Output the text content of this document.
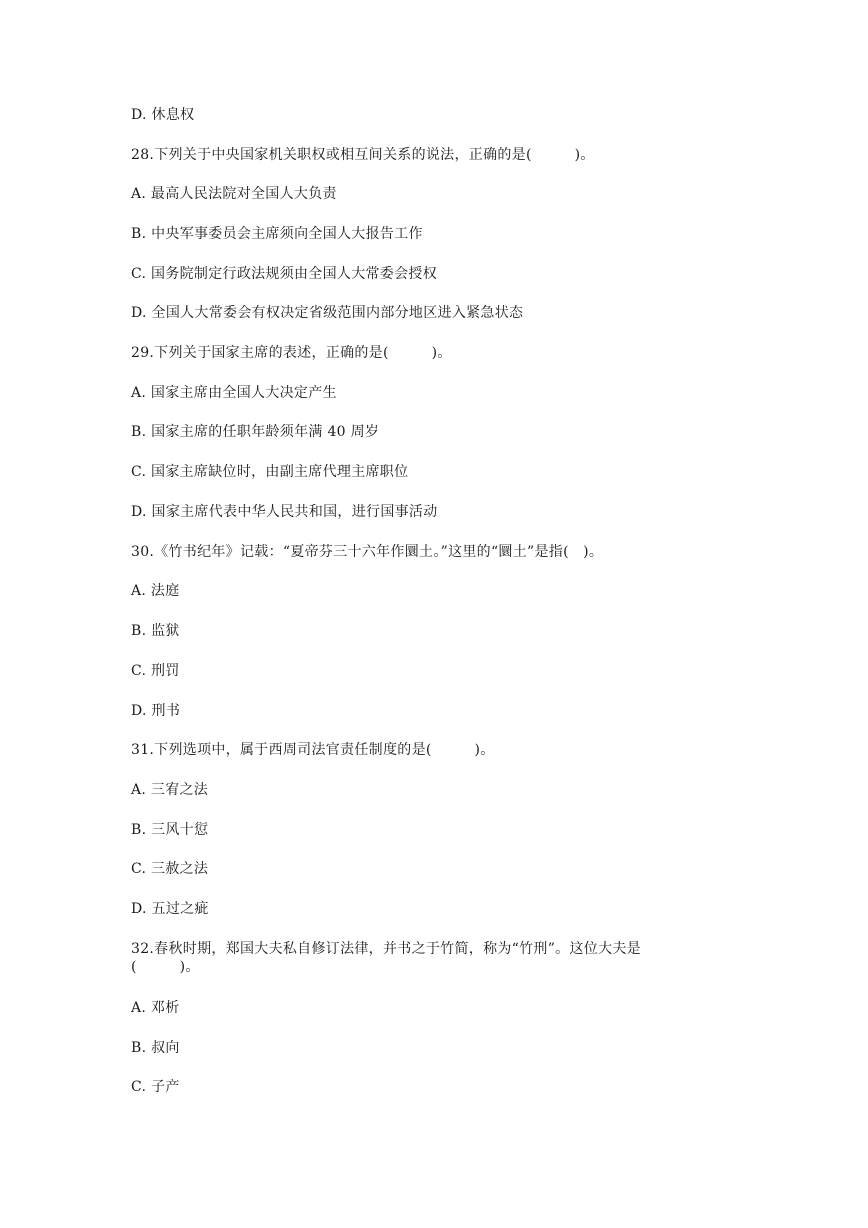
D. 休息权
28.下列关于中央国家机关职权或相互间关系的说法，正确的是(　　　)。
A. 最高人民法院对全国人大负责
B. 中央军事委员会主席须向全国人大报告工作
C. 国务院制定行政法规须由全国人大常委会授权
D. 全国人大常委会有权决定省级范围内部分地区进入紧急状态
29.下列关于国家主席的表述，正确的是(　　　)。
A. 国家主席由全国人大决定产生
B. 国家主席的任职年龄须年满 40 周岁
C. 国家主席缺位时，由副主席代理主席职位
D. 国家主席代表中华人民共和国，进行国事活动
30.《竹书纪年》记载：“夏帝芬三十六年作圜土。”这里的“圜土”是指(　)。
A. 法庭
B. 监狱
C. 刑罚
D. 刑书
31.下列选项中，属于西周司法官责任制度的是(　　　)。
A. 三宥之法
B. 三风十愆
C. 三赦之法
D. 五过之疵
32.春秋时期，郑国大夫私自修订法律，并书之于竹简，称为“竹刑”。这位大夫是(　　　)。
A. 邓析
B. 叔向
C. 子产
